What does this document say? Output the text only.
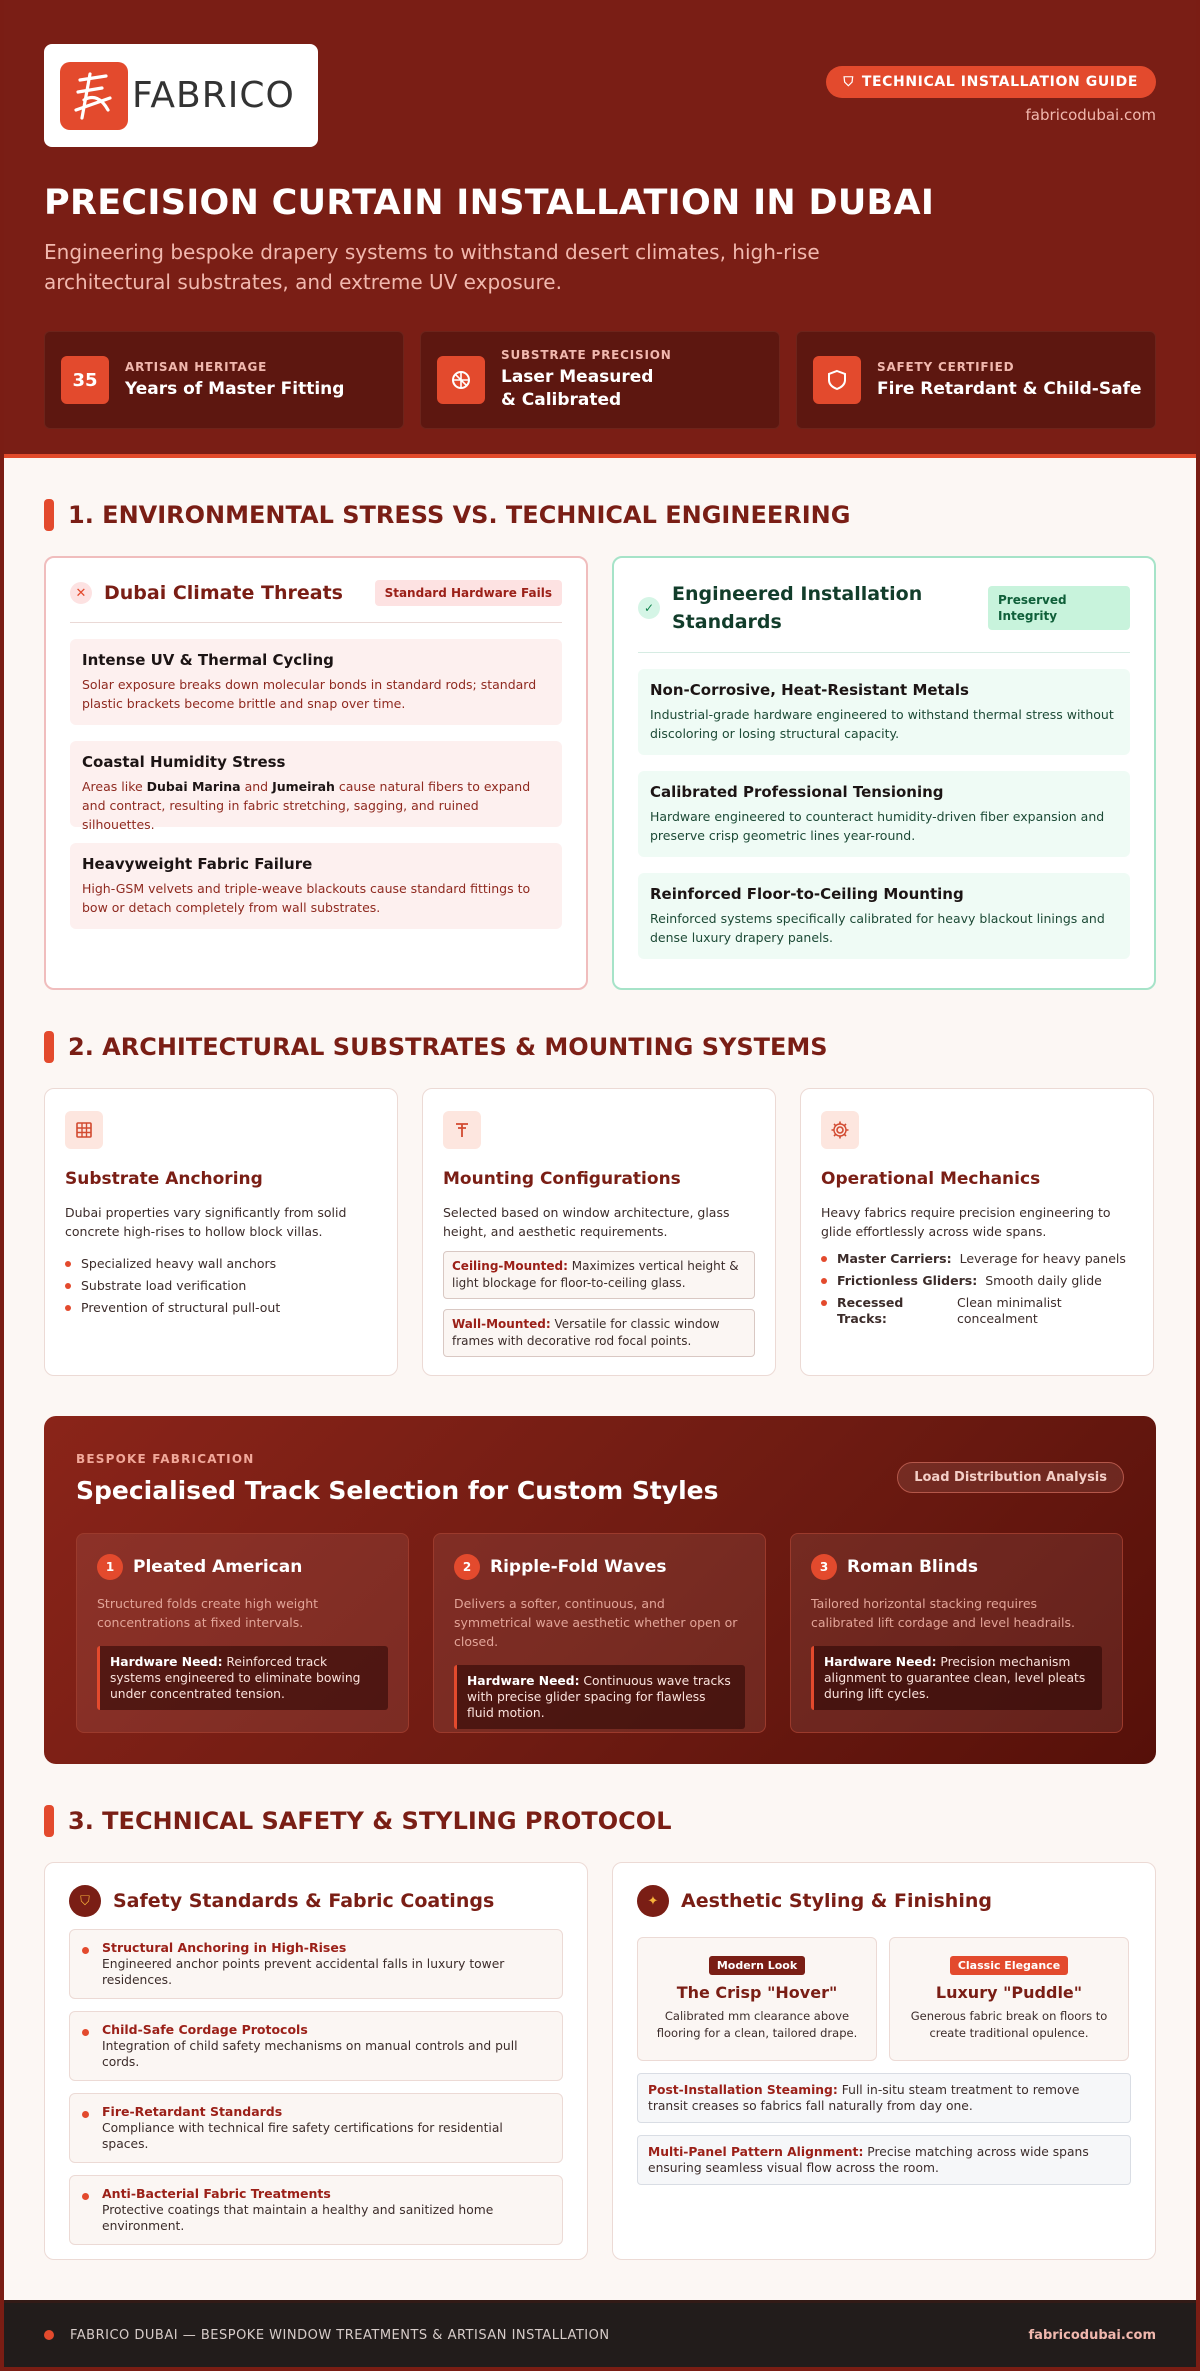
FABRICO	⛉ TECHNICAL INSTALLATION GUIDE
fabricodubai.com
PRECISION CURTAIN INSTALLATION IN DUBAI

Engineering bespoke drapery systems to withstand desert climates, high-rise architectural substrates, and extreme UV exposure.

35
ARTISAN HERITAGE
Years of Master Fitting
SUBSTRATE PRECISION
Laser Measured & Calibrated
SAFETY CERTIFIED
Fire Retardant & Child-Safe
1. ENVIRONMENTAL STRESS VS. TECHNICAL ENGINEERING
✕ Dubai Climate Threats	Standard Hardware Fails
Intense UV & Thermal Cycling
Solar exposure breaks down molecular bonds in standard rods; standard plastic brackets become brittle and snap over time.
Coastal Humidity Stress
Areas like Dubai Marina and Jumeirah cause natural fibers to expand and contract, resulting in fabric stretching, sagging, and ruined silhouettes.
Heavyweight Fabric Failure
High-GSM velvets and triple-weave blackouts cause standard fittings to bow or detach completely from wall substrates.
✓
Engineered Installation Standards
Preserved Integrity
Non-Corrosive, Heat-Resistant Metals
Industrial-grade hardware engineered to withstand thermal stress without discoloring or losing structural capacity.
Calibrated Professional Tensioning
Hardware engineered to counteract humidity-driven fiber expansion and preserve crisp geometric lines year-round.
Reinforced Floor-to-Ceiling Mounting
Reinforced systems specifically calibrated for heavy blackout linings and dense luxury drapery panels.
2. ARCHITECTURAL SUBSTRATES & MOUNTING SYSTEMS
Substrate Anchoring
Dubai properties vary significantly from solid concrete high-rises to hollow block villas.
Specialized heavy wall anchors
Substrate load verification
Prevention of structural pull-out
Mounting Configurations
Selected based on window architecture, glass height, and aesthetic requirements.
Ceiling-Mounted: Maximizes vertical height & light blockage for floor-to-ceiling glass.
Wall-Mounted: Versatile for classic window frames with decorative rod focal points.
Operational Mechanics
Heavy fabrics require precision engineering to glide effortlessly across wide spans.
Master Carriers: Leverage for heavy panels
Frictionless Gliders: Smooth daily glide
Recessed Tracks:
Clean minimalist concealment
BESPOKE FABRICATION
Specialised Track Selection for Custom Styles	Load Distribution Analysis
1	Pleated American
Structured folds create high weight concentrations at fixed intervals.
Hardware Need: Reinforced track systems engineered to eliminate bowing under concentrated tension.
2	Ripple-Fold Waves
Delivers a softer, continuous, and symmetrical wave aesthetic whether open or closed.
Hardware Need: Continuous wave tracks with precise glider spacing for flawless fluid motion.
3	Roman Blinds
Tailored horizontal stacking requires calibrated lift cordage and level headrails.
Hardware Need: Precision mechanism alignment to guarantee clean, level pleats during lift cycles.
3. TECHNICAL SAFETY & STYLING PROTOCOL
⛉	Safety Standards & Fabric Coatings
Structural Anchoring in High-Rises
Engineered anchor points prevent accidental falls in luxury tower residences.
Child-Safe Cordage Protocols
Integration of child safety mechanisms on manual controls and pull cords.
Fire-Retardant Standards
Compliance with technical fire safety certifications for residential spaces.
Anti-Bacterial Fabric Treatments
Protective coatings that maintain a healthy and sanitized home environment.
✦	Aesthetic Styling & Finishing
Modern Look
The Crisp "Hover"
Calibrated mm clearance above flooring for a clean, tailored drape.
Classic Elegance
Luxury "Puddle"
Generous fabric break on floors to create traditional opulence.
Post-Installation Steaming: Full in-situ steam treatment to remove transit creases so fabrics fall naturally from day one.
Multi-Panel Pattern Alignment: Precise matching across wide spans ensuring seamless visual flow across the room.
FABRICO DUBAI — BESPOKE WINDOW TREATMENTS & ARTISAN INSTALLATION	fabricodubai.com
